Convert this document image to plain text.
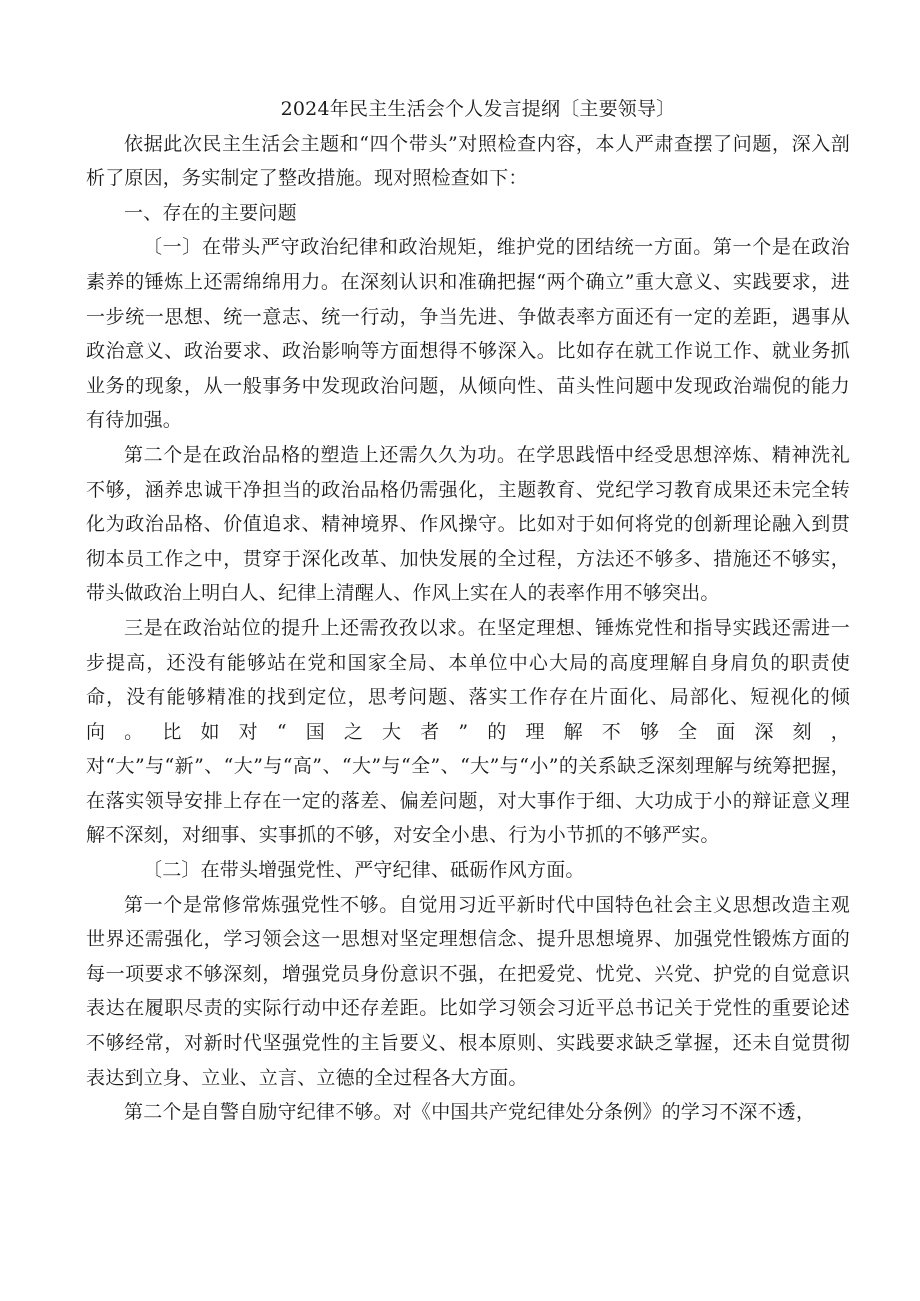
2024年民主生活会个人发言提纲〔主要领导〕

依据此次民主生活会主题和“四个带头”对照检查内容，本人严肃查摆了问题，深入剖析了原因，务实制定了整改措施。现对照检查如下：

一、存在的主要问题

〔一〕在带头严守政治纪律和政治规矩，维护党的团结统一方面。第一个是在政治素养的锤炼上还需绵绵用力。在深刻认识和准确把握“两个确立”重大意义、实践要求，进一步统一思想、统一意志、统一行动，争当先进、争做表率方面还有一定的差距，遇事从政治意义、政治要求、政治影响等方面想得不够深入。比如存在就工作说工作、就业务抓业务的现象，从一般事务中发现政治问题，从倾向性、苗头性问题中发现政治端倪的能力有待加强。

第二个是在政治品格的塑造上还需久久为功。在学思践悟中经受思想淬炼、精神洗礼不够，涵养忠诚干净担当的政治品格仍需强化，主题教育、党纪学习教育成果还未完全转化为政治品格、价值追求、精神境界、作风操守。比如对于如何将党的创新理论融入到贯彻本员工作之中，贯穿于深化改革、加快发展的全过程，方法还不够多、措施还不够实，带头做政治上明白人、纪律上清醒人、作风上实在人的表率作用不够突出。

三是在政治站位的提升上还需孜孜以求。在坚定理想、锤炼党性和指导实践还需进一步提高，还没有能够站在党和国家全局、本单位中心大局的高度理解自身肩负的职责使命，没有能够精准的找到定位，思考问题、落实工作存在片面化、局部化、短视化的倾向。比如对“国之大者”的理解不够全面深刻，对“大”与“新”、“大”与“高”、“大”与“全”、“大”与“小”的关系缺乏深刻理解与统筹把握，在落实领导安排上存在一定的落差、偏差问题，对大事作于细、大功成于小的辩证意义理解不深刻，对细事、实事抓的不够，对安全小患、行为小节抓的不够严实。

〔二〕在带头增强党性、严守纪律、砥砺作风方面。

第一个是常修常炼强党性不够。自觉用习近平新时代中国特色社会主义思想改造主观世界还需强化，学习领会这一思想对坚定理想信念、提升思想境界、加强党性锻炼方面的每一项要求不够深刻，增强党员身份意识不强，在把爱党、忧党、兴党、护党的自觉意识表达在履职尽责的实际行动中还存差距。比如学习领会习近平总书记关于党性的重要论述不够经常，对新时代坚强党性的主旨要义、根本原则、实践要求缺乏掌握，还未自觉贯彻表达到立身、立业、立言、立德的全过程各大方面。

第二个是自警自励守纪律不够。对《中国共产党纪律处分条例》的学习不深不透，
